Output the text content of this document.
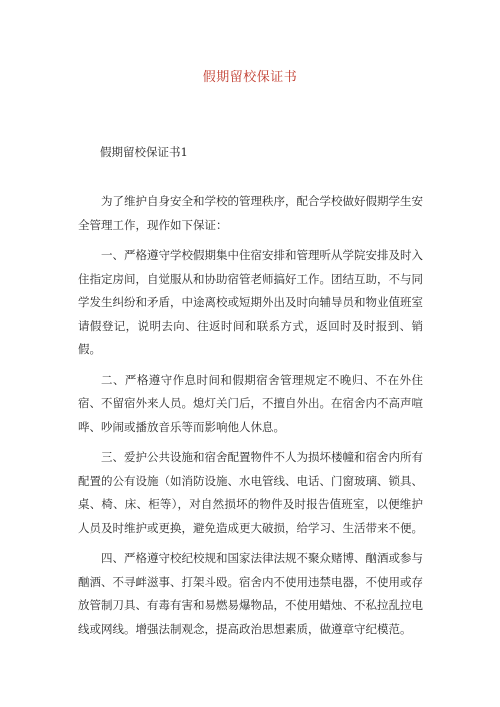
假期留校保证书
假期留校保证书1

为了维护自身安全和学校的管理秩序，配合学校做好假期学生安全管理工作，现作如下保证：

一、严格遵守学校假期集中住宿安排和管理听从学院安排及时入住指定房间，自觉服从和协助宿管老师搞好工作。团结互助，不与同学发生纠纷和矛盾，中途离校或短期外出及时向辅导员和物业值班室请假登记，说明去向、往返时间和联系方式，返回时及时报到、销假。

二、严格遵守作息时间和假期宿舍管理规定不晚归、不在外住宿、不留宿外来人员。熄灯关门后，不擅自外出。在宿舍内不高声喧哗、吵闹或播放音乐等而影响他人休息。

三、爱护公共设施和宿舍配置物件不人为损坏楼幢和宿舍内所有配置的公有设施（如消防设施、水电管线、电话、门窗玻璃、锁具、桌、椅、床、柜等），对自然损坏的物件及时报告值班室，以便维护人员及时维护或更换，避免造成更大破损，给学习、生活带来不便。

四、严格遵守校纪校规和国家法律法规不聚众赌博、酗酒或参与酗酒、不寻衅滋事、打架斗殴。宿舍内不使用违禁电器，不使用或存放管制刀具、有毒有害和易燃易爆物品，不使用蜡烛、不私拉乱拉电线或网线。增强法制观念，提高政治思想素质，做遵章守纪模范。
